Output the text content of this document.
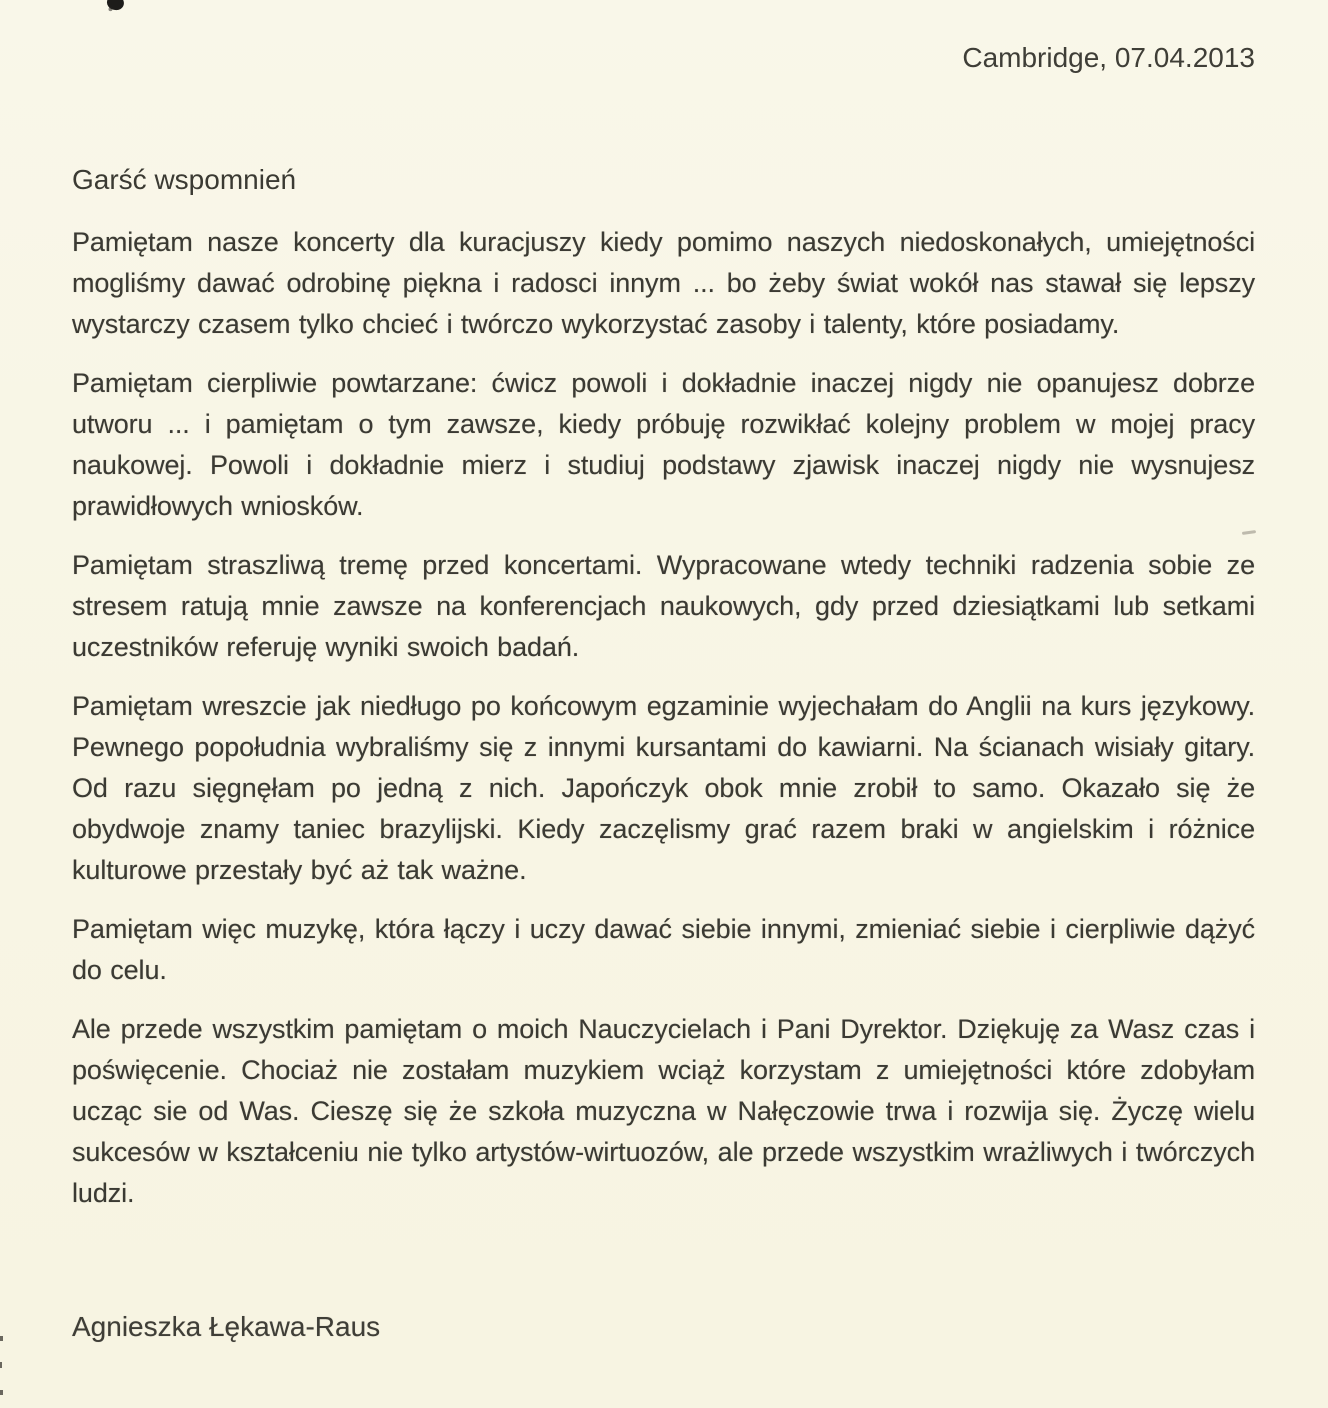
Cambridge, 07.04.2013
Garść wspomnień

Pamiętam nasze koncerty dla kuracjuszy kiedy pomimo naszych niedoskonałych, umiejętności mogliśmy dawać odrobinę piękna i radosci innym ... bo żeby świat wokół nas stawał się lepszy wystarczy czasem tylko chcieć i twórczo wykorzystać zasoby i talenty, które posiadamy.

Pamiętam cierpliwie powtarzane: ćwicz powoli i dokładnie inaczej nigdy nie opanujesz dobrze utworu ... i pamiętam o tym zawsze, kiedy próbuję rozwikłać kolejny problem w mojej pracy naukowej. Powoli i dokładnie mierz i studiuj podstawy zjawisk inaczej nigdy nie wysnujesz prawidłowych wniosków.

Pamiętam straszliwą tremę przed koncertami. Wypracowane wtedy techniki radzenia sobie ze stresem ratują mnie zawsze na konferencjach naukowych, gdy przed dziesiątkami lub setkami uczestników referuję wyniki swoich badań.

Pamiętam wreszcie jak niedługo po końcowym egzaminie wyjechałam do Anglii na kurs językowy. Pewnego popołudnia wybraliśmy się z innymi kursantami do kawiarni. Na ścianach wisiały gitary. Od razu sięgnęłam po jedną z nich. Japończyk obok mnie zrobił to samo. Okazało się że obydwoje znamy taniec brazylijski. Kiedy zaczęlismy grać razem braki w angielskim i różnice kulturowe przestały być aż tak ważne.

Pamiętam więc muzykę, która łączy i uczy dawać siebie innymi, zmieniać siebie i cierpliwie dążyć do celu.

Ale przede wszystkim pamiętam o moich Nauczycielach i Pani Dyrektor. Dziękuję za Wasz czas i poświęcenie. Chociaż nie zostałam muzykiem wciąż korzystam z umiejętności które zdobyłam ucząc sie od Was. Cieszę się że szkoła muzyczna w Nałęczowie trwa i rozwija się. Życzę wielu sukcesów w kształceniu nie tylko artystów-wirtuozów, ale przede wszystkim wrażliwych i twórczych ludzi.

Agnieszka Łękawa-Raus
